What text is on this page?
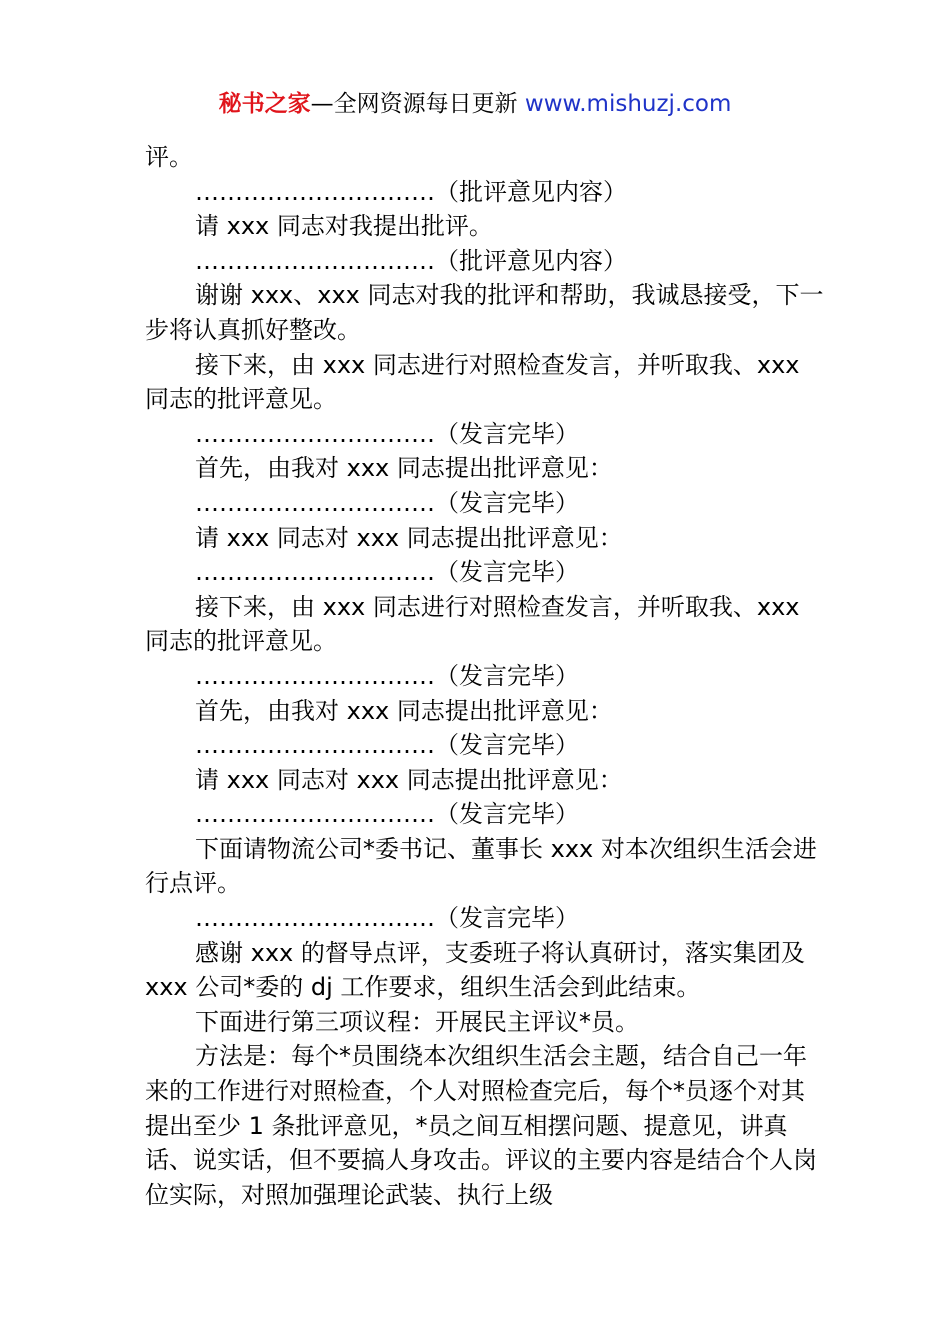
秘书之家—全网资源每日更新 www.mishuzj.com

评。

…………………………（批评意见内容）

请 xxx 同志对我提出批评。

…………………………（批评意见内容）

谢谢 xxx、xxx 同志对我的批评和帮助，我诚恳接受，下一步将认真抓好整改。

接下来，由 xxx 同志进行对照检查发言，并听取我、xxx 同志的批评意见。

…………………………（发言完毕）

首先，由我对 xxx 同志提出批评意见：

…………………………（发言完毕）

请 xxx 同志对 xxx 同志提出批评意见：

…………………………（发言完毕）

接下来，由 xxx 同志进行对照检查发言，并听取我、xxx 同志的批评意见。

…………………………（发言完毕）

首先，由我对 xxx 同志提出批评意见：

…………………………（发言完毕）

请 xxx 同志对 xxx 同志提出批评意见：

…………………………（发言完毕）

下面请物流公司*委书记、董事长 xxx 对本次组织生活会进行点评。

…………………………（发言完毕）

感谢 xxx 的督导点评，支委班子将认真研讨，落实集团及 xxx 公司*委的 dj 工作要求，组织生活会到此结束。

下面进行第三项议程：开展民主评议*员。

方法是：每个*员围绕本次组织生活会主题，结合自己一年来的工作进行对照检查，个人对照检查完后，每个*员逐个对其提出至少 1 条批评意见，*员之间互相摆问题、提意见，讲真话、说实话，但不要搞人身攻击。评议的主要内容是结合个人岗位实际，对照加强理论武装、执行上级
